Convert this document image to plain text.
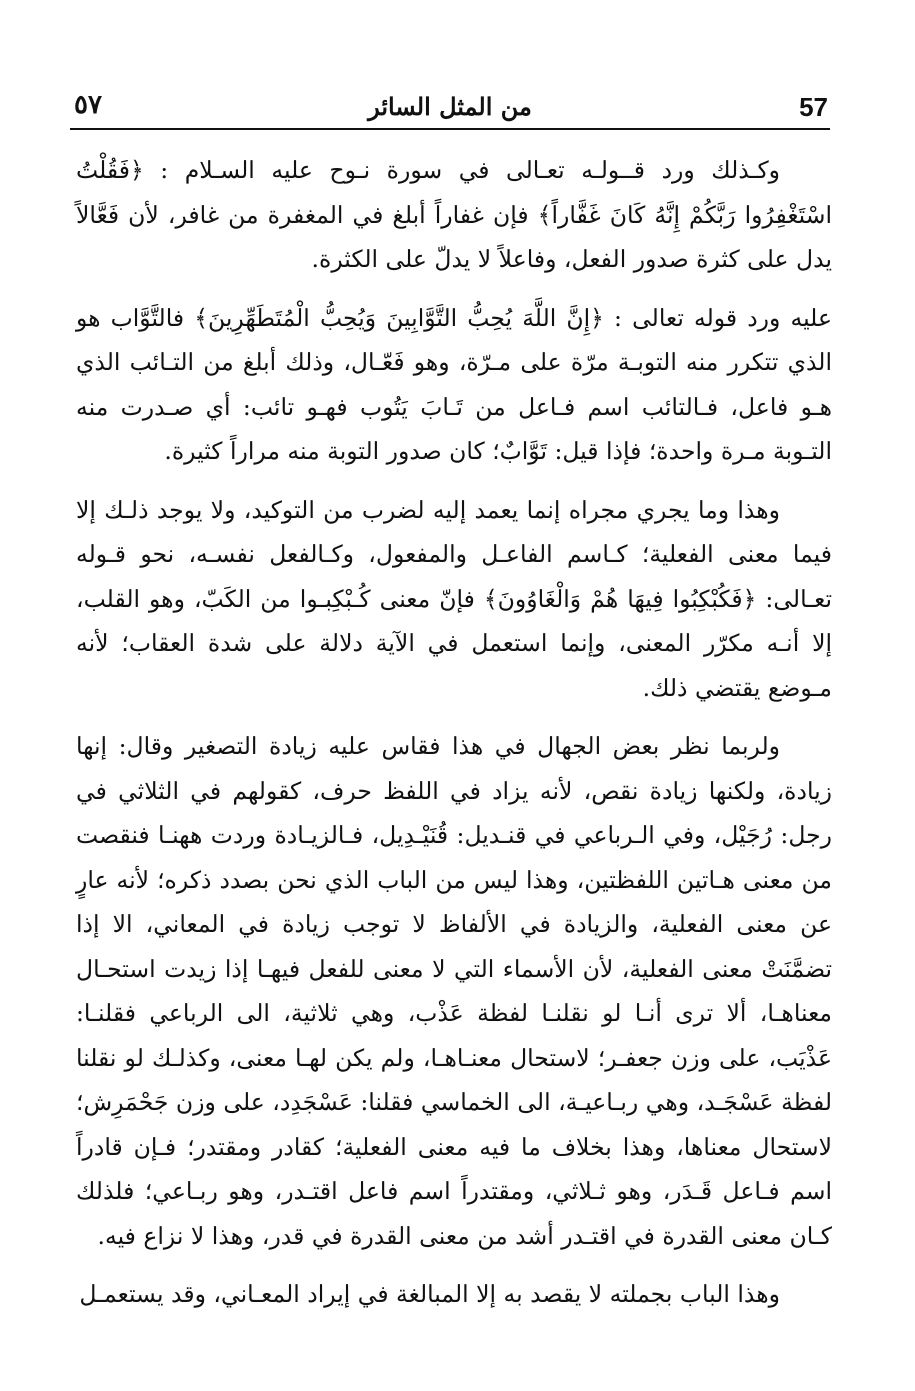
57
من المثل السائر
٥٧

وكـذلك ورد قــولـه تعـالى في سورة نـوح عليه السـلام : ﴿فَقُلْتُ اسْتَغْفِرُوا رَبَّكُمْ إِنَّهُ كَانَ غَفَّاراً﴾ فإن غفاراً أبلغ في المغفرة من غافر، لأن فَعَّالاً يدل على كثرة صدور الفعل، وفاعلاً لا يدلّ على الكثرة.

عليه ورد قوله تعالى : ﴿إِنَّ اللَّهَ يُحِبُّ التَّوَّابِينَ وَيُحِبُّ الْمُتَطَهِّرِينَ﴾ فالتَّوَّاب هو الذي تتكرر منه التوبـة مرّة على مـرّة، وهو فَعّـال، وذلك أبلغ من التـائب الذي هـو فاعل، فـالتائب اسم فـاعل من تَـابَ يَتُوب فهـو تائب: أي صـدرت منه التـوبة مـرة واحدة؛ فإذا قيل: تَوَّابٌ؛ كان صدور التوبة منه مراراً كثيرة.

وهذا وما يجري مجراه إنما يعمد إليه لضرب من التوكيد، ولا يوجد ذلـك إلا فيما معنى الفعلية؛ كـاسم الفاعـل والمفعول، وكـالفعل نفسـه، نحو قـوله تعـالى: ﴿فَكُبْكِبُوا فِيهَا هُمْ وَالْغَاوُونَ﴾ فإنّ معنى كُـبْكِبـوا من الكَبّ، وهو القلب، إلا أنـه مكرّر المعنى، وإنما استعمل في الآية دلالة على شدة العقاب؛ لأنه مـوضع يقتضي ذلك.

ولربما نظر بعض الجهال في هذا فقاس عليه زيادة التصغير وقال: إنها زيادة، ولكنها زيادة نقص، لأنه يزاد في اللفظ حرف، كقولهم في الثلاثي في رجل: رُجَيْل، وفي الـرباعي في قنـديل: قُنَيْـدِيل، فـالزيـادة وردت ههنـا فنقصت من معنى هـاتين اللفظتين، وهذا ليس من الباب الذي نحن بصدد ذكره؛ لأنه عارٍ عن معنى الفعلية، والزيادة في الألفاظ لا توجب زيادة في المعاني، الا إذا تضمَّنَتْ معنى الفعلية، لأن الأسماء التي لا معنى للفعل فيهـا إذا زيدت استحـال معناهـا، ألا ترى أنـا لو نقلنـا لفظة عَذْب، وهي ثلاثية، الى الرباعي فقلنـا: عَذْيَب، على وزن جعفـر؛ لاستحال معنـاهـا، ولم يكن لهـا معنى، وكذلـك لو نقلنا لفظة عَسْجَـد، وهي ربـاعيـة، الى الخماسي فقلنا: عَسْجَدِد، على وزن جَحْمَرِش؛ لاستحال معناها، وهذا بخلاف ما فيه معنى الفعلية؛ كقادر ومقتدر؛ فـإن قادراً اسم فـاعل قَـدَر، وهو ثـلاثي، ومقتدراً اسم فاعل اقتـدر، وهو ربـاعي؛ فلذلك كـان معنى القدرة في اقتـدر أشد من معنى القدرة في قدر، وهذا لا نزاع فيه.

وهذا الباب بجملته لا يقصد به إلا المبالغة في إيراد المعـاني، وقد يستعمـل
